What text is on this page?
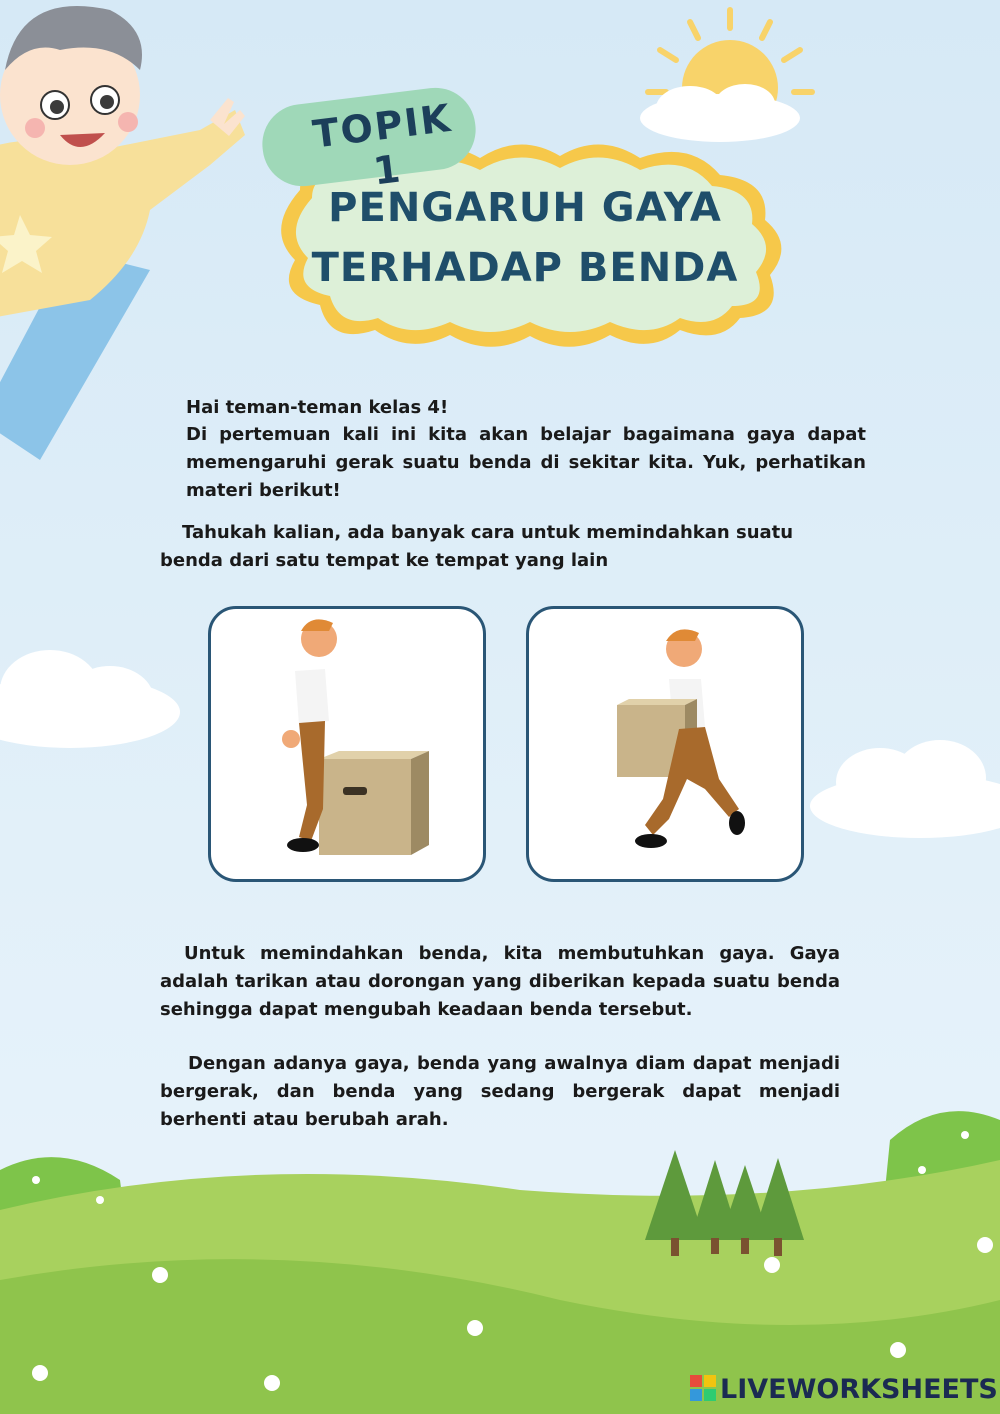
TOPIK 1
PENGARUH GAYA
TERHADAP BENDA

Hai teman-teman kelas 4!

Di pertemuan kali ini kita akan belajar bagaimana gaya dapat memengaruhi gerak suatu benda di sekitar kita. Yuk, perhatikan materi berikut!

Tahukah kalian, ada banyak cara untuk memindahkan suatu benda dari satu tempat ke tempat yang lain

Untuk memindahkan benda, kita membutuhkan gaya. Gaya adalah tarikan atau dorongan yang diberikan kepada suatu benda sehingga dapat mengubah keadaan benda tersebut.

Dengan adanya gaya, benda yang awalnya diam dapat menjadi bergerak, dan benda yang sedang bergerak dapat menjadi berhenti atau berubah arah.

LIVEWORKSHEETS
